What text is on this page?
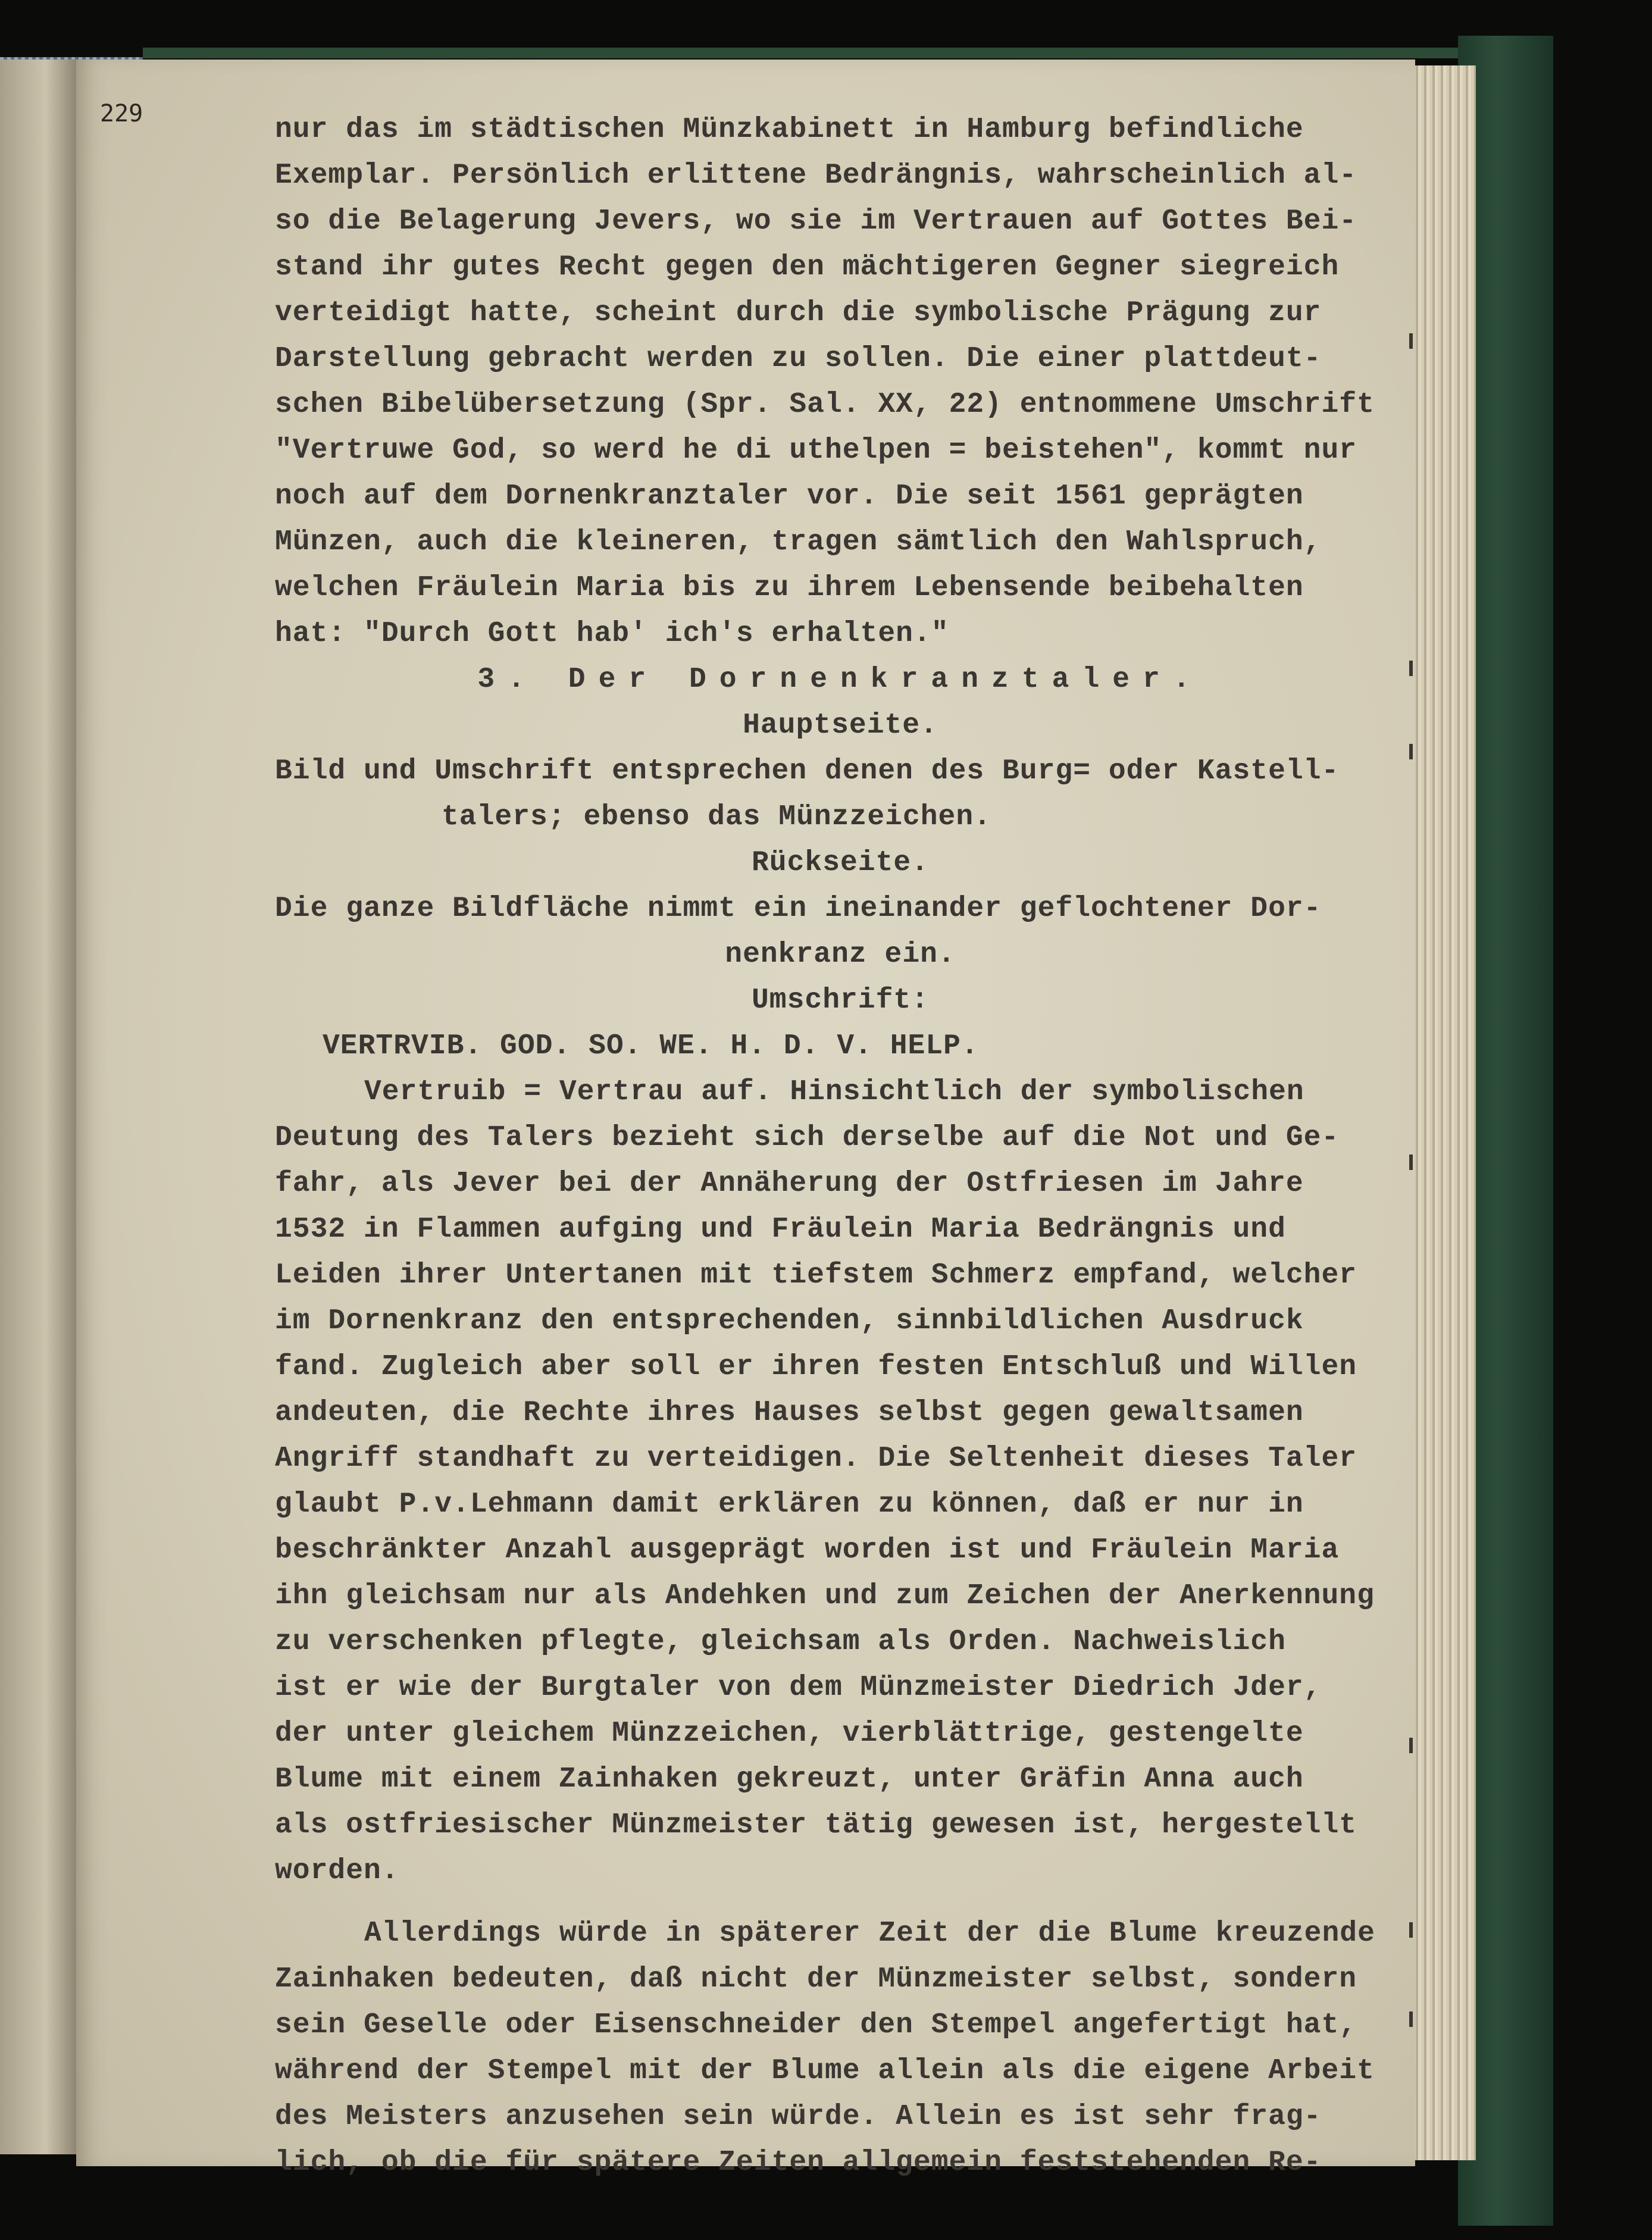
229	nur das im städtischen Münzkabinett in Hamburg befindliche
Exemplar. Persönlich erlittene Bedrängnis, wahrscheinlich al-
so die Belagerung Jevers, wo sie im Vertrauen auf Gottes Bei-
stand ihr gutes Recht gegen den mächtigeren Gegner siegreich
verteidigt hatte, scheint durch die symbolische Prägung zur
Darstellung gebracht werden zu sollen. Die einer plattdeut-
schen Bibelübersetzung (Spr. Sal. XX, 22) entnommene Umschrift
"Vertruwe God, so werd he di uthelpen = beistehen", kommt nur
noch auf dem Dornenkranztaler vor. Die seit 1561 geprägten
Münzen, auch die kleineren, tragen sämtlich den Wahlspruch,
welchen Fräulein Maria bis zu ihrem Lebensende beibehalten
hat: "Durch Gott hab' ich's erhalten."
3. Der Dornenkranztaler.
Hauptseite.
Bild und Umschrift entsprechen denen des Burg= oder Kastell-
talers; ebenso das Münzzeichen.
Rückseite.
Die ganze Bildfläche nimmt ein ineinander geflochtener Dor-
nenkranz ein.
Umschrift:
VERTRVIB. GOD. SO. WE. H. D. V. HELP.
Vertruib = Vertrau auf. Hinsichtlich der symbolischen
Deutung des Talers bezieht sich derselbe auf die Not und Ge-
fahr, als Jever bei der Annäherung der Ostfriesen im Jahre
1532 in Flammen aufging und Fräulein Maria Bedrängnis und
Leiden ihrer Untertanen mit tiefstem Schmerz empfand, welcher
im Dornenkranz den entsprechenden, sinnbildlichen Ausdruck
fand. Zugleich aber soll er ihren festen Entschluß und Willen
andeuten, die Rechte ihres Hauses selbst gegen gewaltsamen
Angriff standhaft zu verteidigen. Die Seltenheit dieses Taler
glaubt P.v.Lehmann damit erklären zu können, daß er nur in
beschränkter Anzahl ausgeprägt worden ist und Fräulein Maria
ihn gleichsam nur als Andehken und zum Zeichen der Anerkennung
zu verschenken pflegte, gleichsam als Orden. Nachweislich
ist er wie der Burgtaler von dem Münzmeister Diedrich Jder,
der unter gleichem Münzzeichen, vierblättrige, gestengelte
Blume mit einem Zainhaken gekreuzt, unter Gräfin Anna auch
als ostfriesischer Münzmeister tätig gewesen ist, hergestellt
worden.
Allerdings würde in späterer Zeit der die Blume kreuzende
Zainhaken bedeuten, daß nicht der Münzmeister selbst, sondern
sein Geselle oder Eisenschneider den Stempel angefertigt hat,
während der Stempel mit der Blume allein als die eigene Arbeit
des Meisters anzusehen sein würde. Allein es ist sehr frag-
lich, ob die für spätere Zeiten allgemein feststehenden Re-
